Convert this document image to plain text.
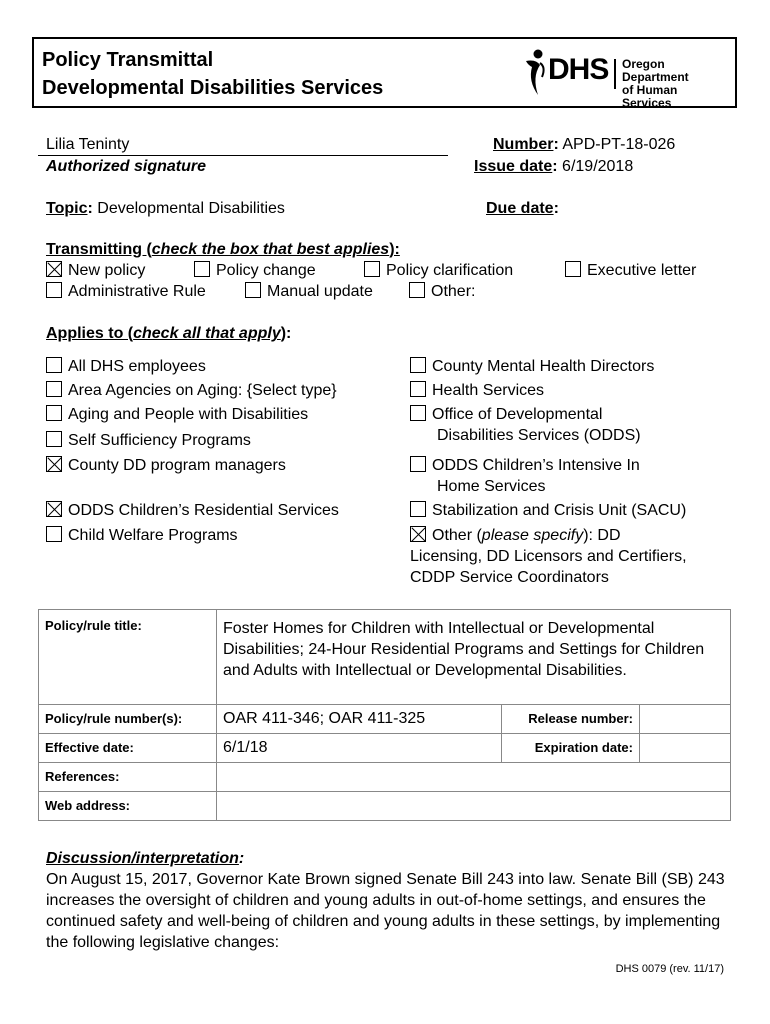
Policy Transmittal
Developmental Disabilities Services
DHS Oregon Department
of Human Services
Lilia Teninty
Authorized signature
Number: APD-PT-18-026
Issue date: 6/19/2018
Topic: Developmental Disabilities	Due date:
Transmitting (check the box that best applies):
New policy	Policy change	Policy clarification	Executive letter
Administrative Rule	Manual update	Other:
Applies to (check all that apply):
All DHS employees
Area Agencies on Aging: {Select type}
Aging and People with Disabilities
Self Sufficiency Programs
County DD program managers
ODDS Children’s Residential Services
Child Welfare Programs
County Mental Health Directors
Health Services
Office of Developmental
Disabilities Services (ODDS)
ODDS Children’s Intensive In
Home Services
Stabilization and Crisis Unit (SACU)
Other (please specify): DD
Licensing, DD Licensors and Certifiers,
CDDP Service Coordinators
Policy/rule title:	Foster Homes for Children with Intellectual or Developmental Disabilities; 24-Hour Residential Programs and Settings for Children and Adults with Intellectual or Developmental Disabilities.		
Policy/rule number(s):	OAR 411-346; OAR 411-325	Release number:	
Effective date:	6/1/18	Expiration date:	
References:			
Web address:			
Discussion/interpretation:
On August 15, 2017, Governor Kate Brown signed Senate Bill 243 into law. Senate Bill (SB) 243 increases the oversight of children and young adults in out-of-home settings, and ensures the continued safety and well-being of children and young adults in these settings, by implementing the following legislative changes:
DHS 0079 (rev. 11/17)
